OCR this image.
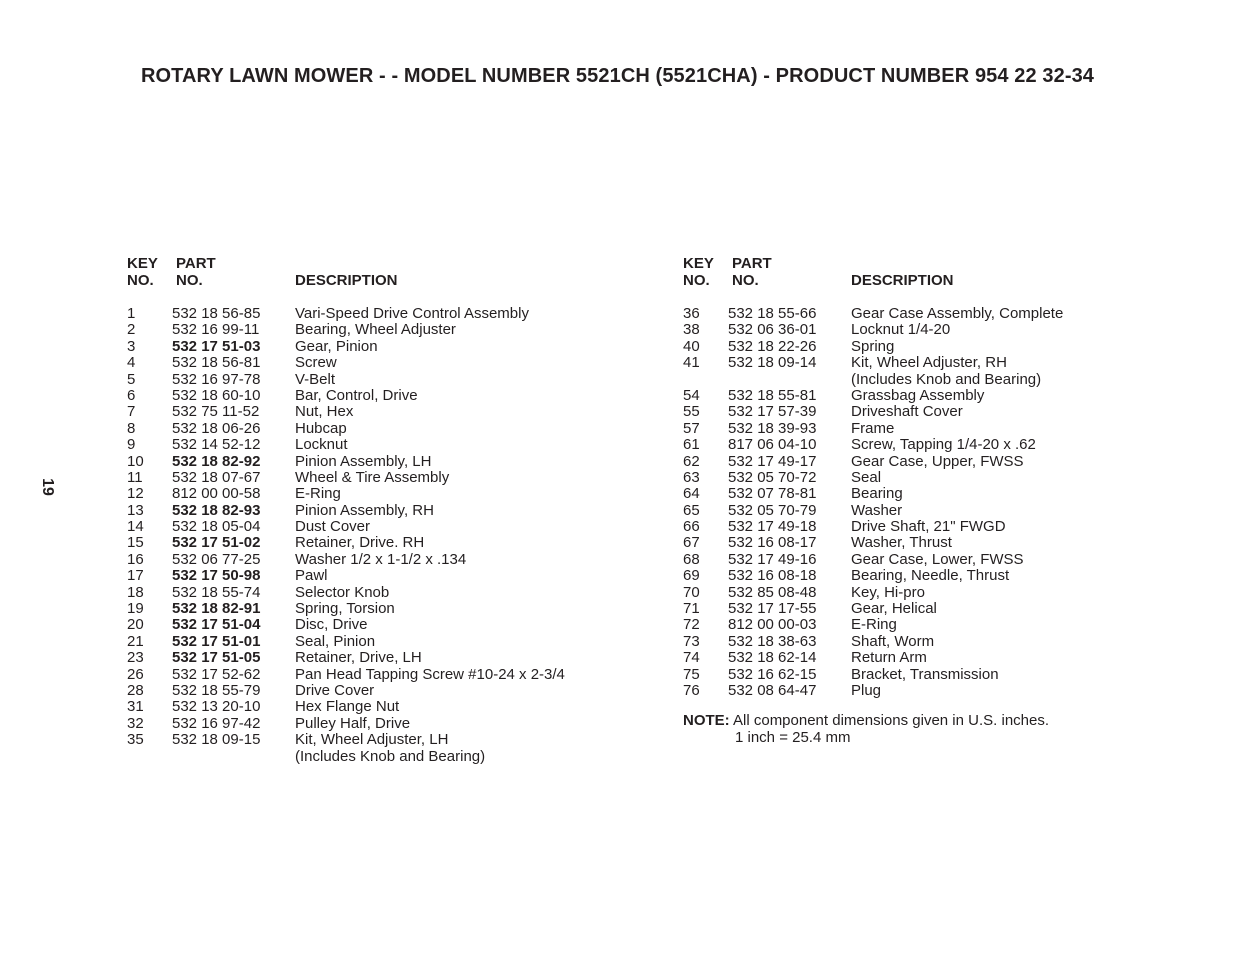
ROTARY LAWN MOWER - - MODEL NUMBER 5521CH (5521CHA) - PRODUCT NUMBER 954 22 32-34
19
KEY
NO.
PART
NO.	DESCRIPTION
1 532 18 56-85 Vari-Speed Drive Control Assembly
2 532 16 99-11 Bearing, Wheel Adjuster
3 532 17 51-03 Gear, Pinion
4 532 18 56-81 Screw
5 532 16 97-78 V-Belt
6 532 18 60-10 Bar, Control, Drive
7 532 75 11-52 Nut, Hex
8 532 18 06-26 Hubcap
9 532 14 52-12 Locknut
10 532 18 82-92 Pinion Assembly, LH
11 532 18 07-67 Wheel & Tire Assembly
12 812 00 00-58 E-Ring
13 532 18 82-93 Pinion Assembly, RH
14 532 18 05-04 Dust Cover
15 532 17 51-02 Retainer, Drive. RH
16 532 06 77-25 Washer 1/2 x 1-1/2 x .134
17 532 17 50-98 Pawl
18 532 18 55-74 Selector Knob
19 532 18 82-91 Spring, Torsion
20 532 17 51-04 Disc, Drive
21 532 17 51-01 Seal, Pinion
23 532 17 51-05 Retainer, Drive, LH
26 532 17 52-62 Pan Head Tapping Screw #10-24 x 2-3/4
28 532 18 55-79 Drive Cover
31 532 13 20-10 Hex Flange Nut
32 532 16 97-42 Pulley Half, Drive
35 532 18 09-15 Kit, Wheel Adjuster, LH
(Includes Knob and Bearing)
KEY
NO.
PART
NO.	DESCRIPTION
36 532 18 55-66 Gear Case Assembly, Complete
38 532 06 36-01 Locknut 1/4-20
40 532 18 22-26 Spring
41 532 18 09-14 Kit, Wheel Adjuster, RH
(Includes Knob and Bearing)
54 532 18 55-81 Grassbag Assembly
55 532 17 57-39 Driveshaft Cover
57 532 18 39-93 Frame
61 817 06 04-10 Screw, Tapping 1/4-20 x .62
62 532 17 49-17 Gear Case, Upper, FWSS
63 532 05 70-72 Seal
64 532 07 78-81 Bearing
65 532 05 70-79 Washer
66 532 17 49-18 Drive Shaft, 21" FWGD
67 532 16 08-17 Washer, Thrust
68 532 17 49-16 Gear Case, Lower, FWSS
69 532 16 08-18 Bearing, Needle, Thrust
70 532 85 08-48 Key, Hi-pro
71 532 17 17-55 Gear, Helical
72 812 00 00-03 E-Ring
73 532 18 38-63 Shaft, Worm
74 532 18 62-14 Return Arm
75 532 16 62-15 Bracket, Transmission
76 532 08 64-47 Plug
NOTE: All component dimensions given in U.S. inches.
1 inch = 25.4 mm
